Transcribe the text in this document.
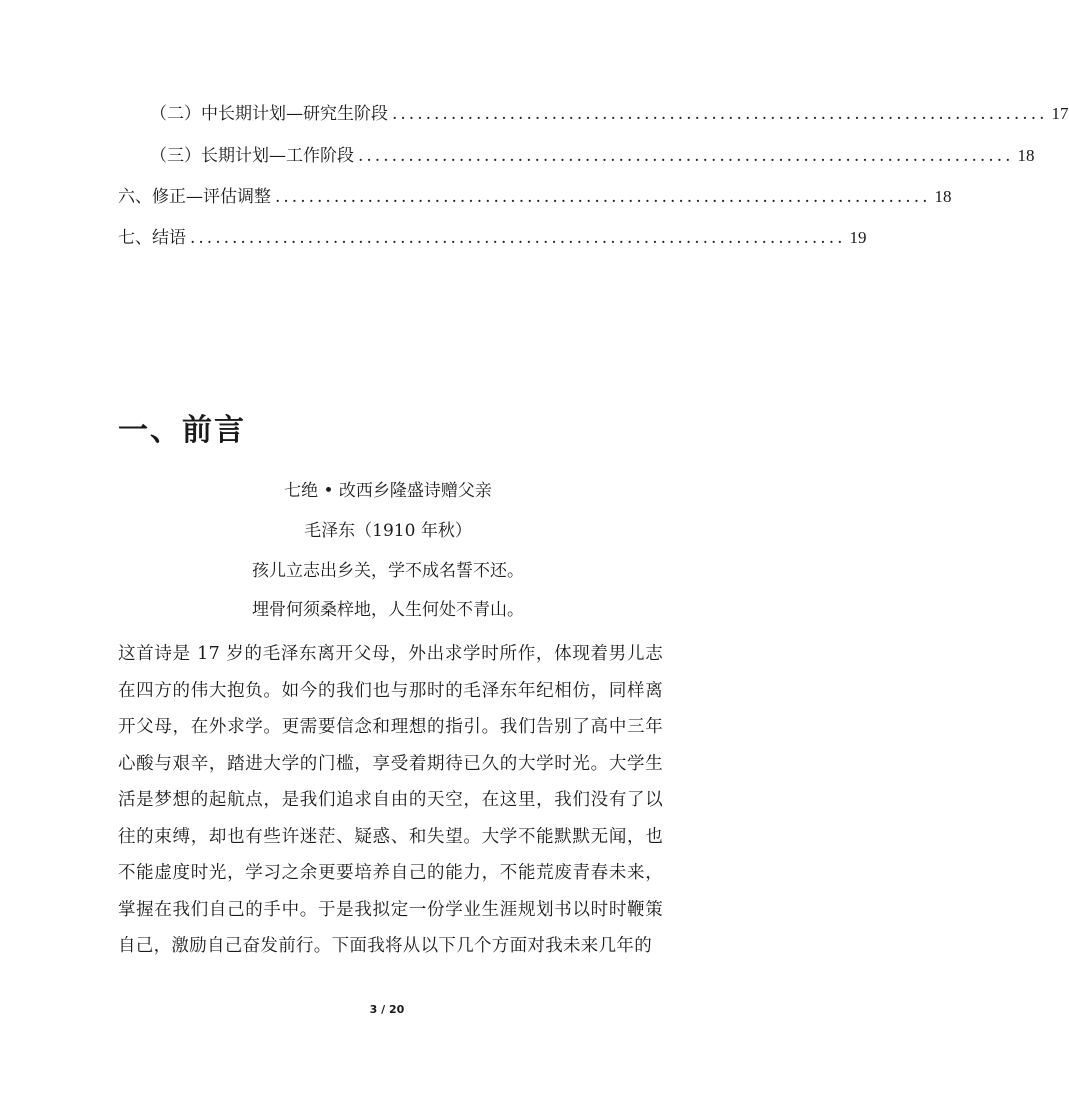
（二）中长期计划—研究生阶段 .............................................................................. 17
（三）长期计划—工作阶段 .............................................................................. 18
六、修正—评估调整 .............................................................................. 18
七、结语 .............................................................................. 19
一、前言
七绝 • 改西乡隆盛诗赠父亲
毛泽东（1910 年秋）
孩儿立志出乡关，学不成名誓不还。
埋骨何须桑梓地，人生何处不青山。
这首诗是 17 岁的毛泽东离开父母，外出求学时所作，体现着男儿志在四方的伟大抱负。如今的我们也与那时的毛泽东年纪相仿，同样离开父母，在外求学。更需要信念和理想的指引。我们告别了高中三年心酸与艰辛，踏进大学的门槛，享受着期待已久的大学时光。大学生活是梦想的起航点，是我们追求自由的天空，在这里，我们没有了以往的束缚，却也有些许迷茫、疑惑、和失望。大学不能默默无闻，也不能虚度时光，学习之余更要培养自己的能力，不能荒废青春未来，掌握在我们自己的手中。于是我拟定一份学业生涯规划书以时时鞭策自己，激励自己奋发前行。下面我将从以下几个方面对我未来几年的
3 / 20
